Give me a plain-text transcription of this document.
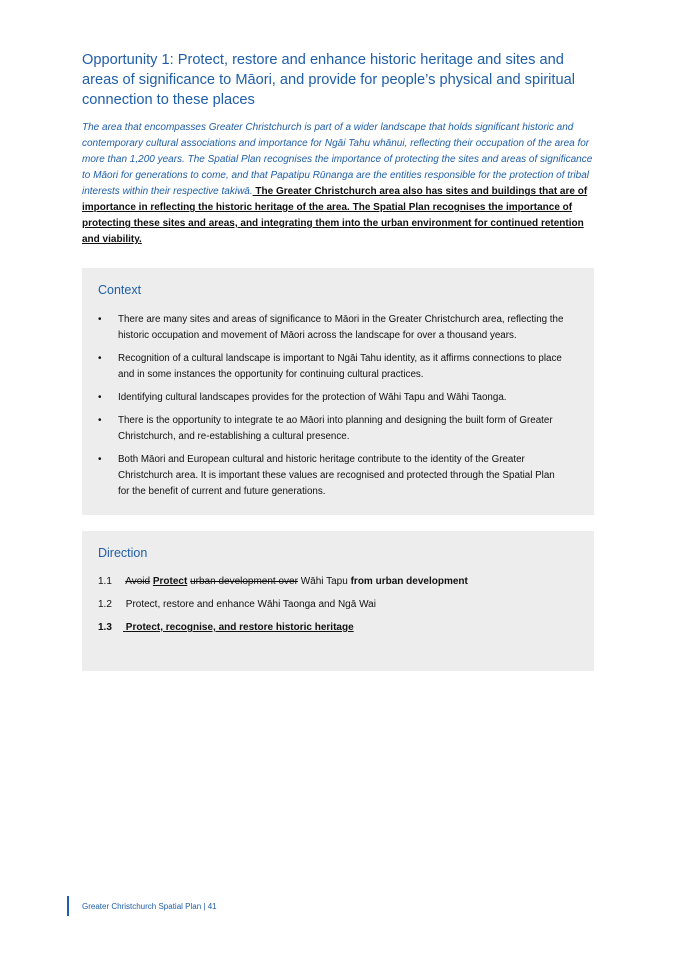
Opportunity 1: Protect, restore and enhance historic heritage and sites and areas of significance to Māori, and provide for people’s physical and spiritual connection to these places
The area that encompasses Greater Christchurch is part of a wider landscape that holds significant historic and contemporary cultural associations and importance for Ngāi Tahu whānui, reflecting their occupation of the area for more than 1,200 years. The Spatial Plan recognises the importance of protecting the sites and areas of significance to Māori for generations to come, and that Papatipu Rūnanga are the entities responsible for the protection of tribal interests within their respective takiwā. The Greater Christchurch area also has sites and buildings that are of importance in reflecting the historic heritage of the area. The Spatial Plan recognises the importance of protecting these sites and areas, and integrating them into the urban environment for continued retention and viability.
Context
• There are many sites and areas of significance to Māori in the Greater Christchurch area, reflecting the historic occupation and movement of Māori across the landscape for over a thousand years.
• Recognition of a cultural landscape is important to Ngāi Tahu identity, as it affirms connections to place and in some instances the opportunity for continuing cultural practices.
• Identifying cultural landscapes provides for the protection of Wāhi Tapu and Wāhi Taonga.
• There is the opportunity to integrate te ao Māori into planning and designing the built form of Greater Christchurch, and re-establishing a cultural presence.
• Both Māori and European cultural and historic heritage contribute to the identity of the Greater Christchurch area. It is important these values are recognised and protected through the Spatial Plan for the benefit of current and future generations.
Direction
1.1 Avoid Protect urban development over Wāhi Tapu from urban development
1.2 Protect, restore and enhance Wāhi Taonga and Ngā Wai
1.3 Protect, recognise, and restore historic heritage
Greater Christchurch Spatial Plan | 41
